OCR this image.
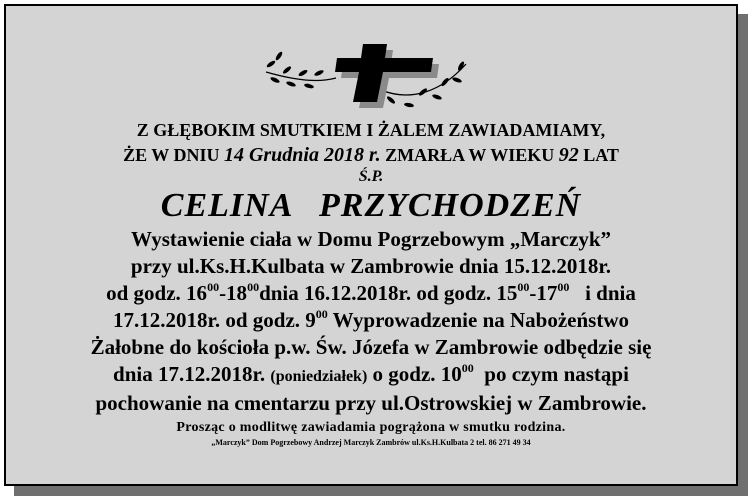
Z GŁĘBOKIM SMUTKIEM I ŻALEM ZAWIADAMIAMY,
ŻE W DNIU 14 Grudnia 2018 r. ZMARŁA W WIEKU 92 LAT
Ś.P.
CELINA PRZYCHODZEŃ
Wystawienie ciała w Domu Pogrzebowym „Marczyk”
przy ul.Ks.H.Kulbata w Zambrowie dnia 15.12.2018r.
od godz. $16^{00}-18^{00}dnia$ 16.12.2018r. od godz. $15^{00}-17^{00}$ i dnia
17.12.2018r. od godz. $9^{00}$ Wyprowadzenie na Nabożeństwo
Żałobne do kościoła p.w. Św. Józefa w Zambrowie odbędzie się
dnia 17.12.2018r. (poniedziałek) o godz. $10^{00}$ po czym nastąpi
pochowanie na cmentarzu przy ul.Ostrowskiej w Zambrowie.
Prosząc o modlitwę zawiadamia pogrążona w smutku rodzina.
„Marczyk” Dom Pogrzebowy Andrzej Marczyk Zambrów ul.Ks.H.Kulbata 2 tel. 86 271 49 34
